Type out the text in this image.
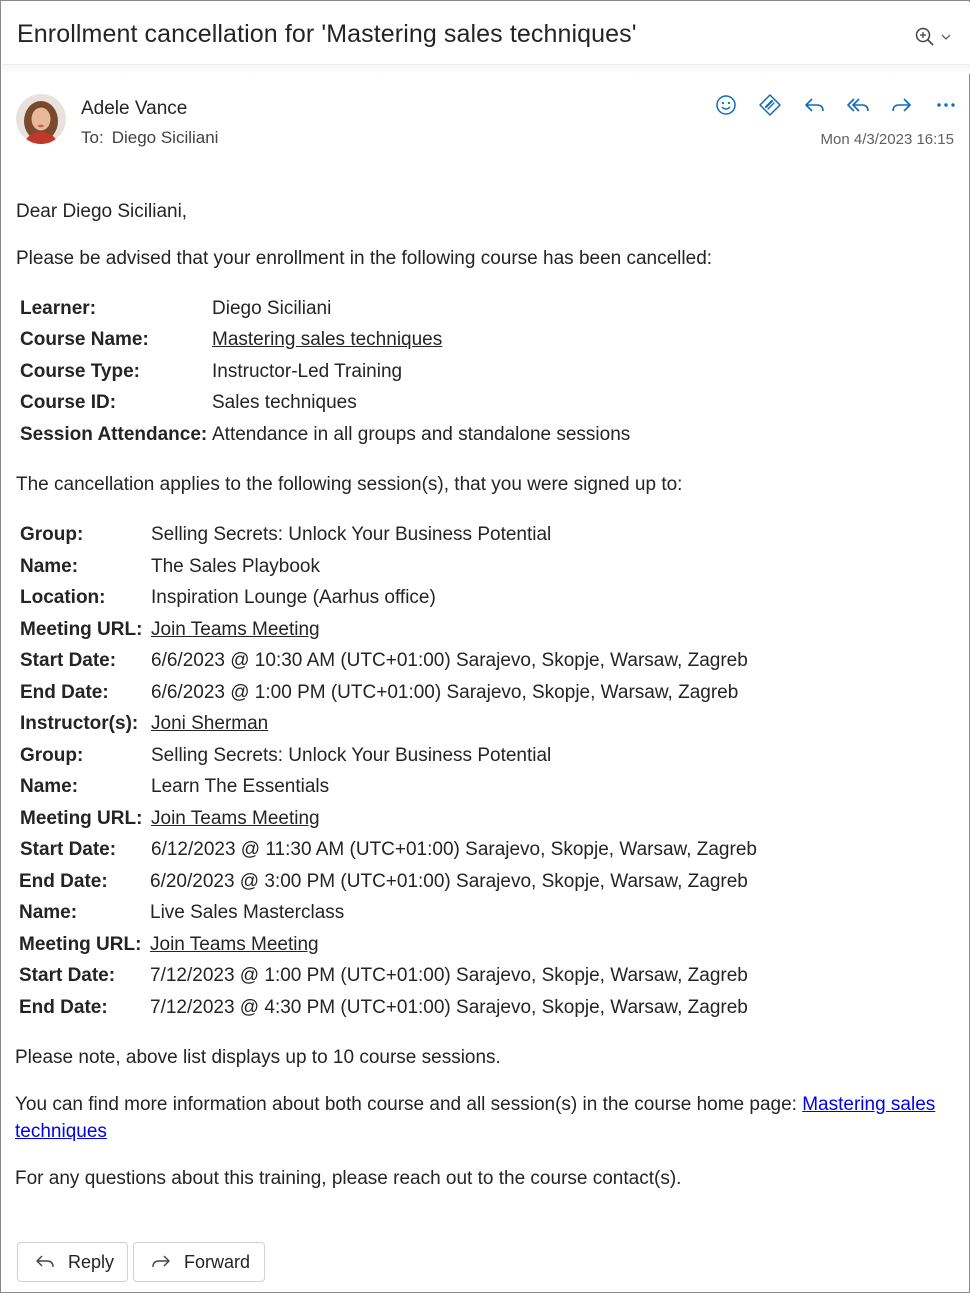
Enrollment cancellation for 'Mastering sales techniques'
Adele Vance
To: Diego Siciliani	Mon 4/3/2023 16:15
Dear Diego Siciliani,
Please be advised that your enrollment in the following course has been cancelled:
Learner:	Diego Siciliani
Course Name:	Mastering sales techniques
Course Type:	Instructor-Led Training
Course ID:	Sales techniques
Session Attendance: Attendance in all groups and standalone sessions
The cancellation applies to the following session(s), that you were signed up to:
Group:	Selling Secrets: Unlock Your Business Potential
Name:	The Sales Playbook
Location: Inspiration Lounge (Aarhus office)
Meeting URL: Join Teams Meeting
Start Date: 6/6/2023 @ 10:30 AM (UTC+01:00) Sarajevo, Skopje, Warsaw, Zagreb
End Date: 6/6/2023 @ 1:00 PM (UTC+01:00) Sarajevo, Skopje, Warsaw, Zagreb
Instructor(s): Joni Sherman
Group:	Selling Secrets: Unlock Your Business Potential
Name:	Learn The Essentials
Meeting URL: Join Teams Meeting
Start Date: 6/12/2023 @ 11:30 AM (UTC+01:00) Sarajevo, Skopje, Warsaw, Zagreb
End Date: 6/20/2023 @ 3:00 PM (UTC+01:00) Sarajevo, Skopje, Warsaw, Zagreb
Name:	Live Sales Masterclass
Meeting URL: Join Teams Meeting
Start Date: 7/12/2023 @ 1:00 PM (UTC+01:00) Sarajevo, Skopje, Warsaw, Zagreb
End Date: 7/12/2023 @ 4:30 PM (UTC+01:00) Sarajevo, Skopje, Warsaw, Zagreb
Please note, above list displays up to 10 course sessions.
You can find more information about both course and all session(s) in the course home page: Mastering sales techniques
For any questions about this training, please reach out to the course contact(s).
Reply	Forward
